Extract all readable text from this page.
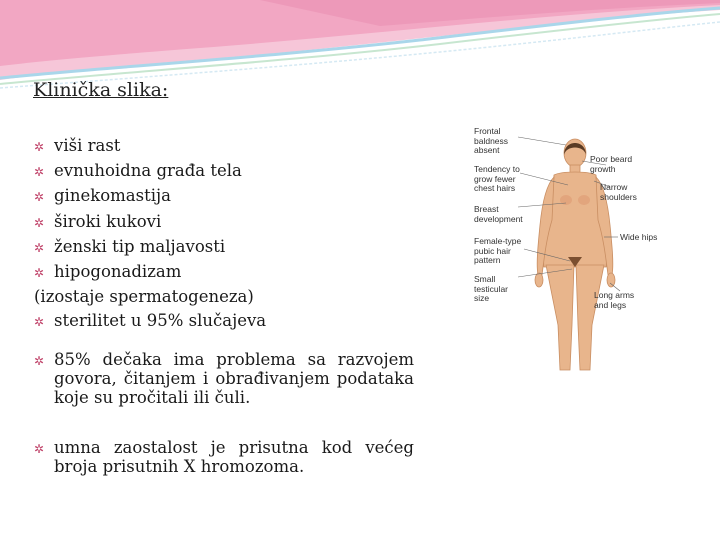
Klinička slika:
✲ viši rast
✲ evnuhoidna građa tela
✲ ginekomastija
✲ široki kukovi
✲ ženski tip maljavosti
✲ hipogonadizam
(izostaje spermatogeneza)
✲ sterilitet u 95% slučajeva
✲ 85% dečaka ima problema sa razvojem govora, čitanjem i obrađivanjem podataka koje su pročitali ili čuli.
✲ umna zaostalost je prisutna kod većeg broja prisutnih X hromozoma.
Frontal baldness absent
Tendency to grow fewer chest hairs
Breast development
Female-type pubic hair pattern
Small testicular size
Poor beard growth
Narrow shoulders
Wide hips
Long arms and legs
